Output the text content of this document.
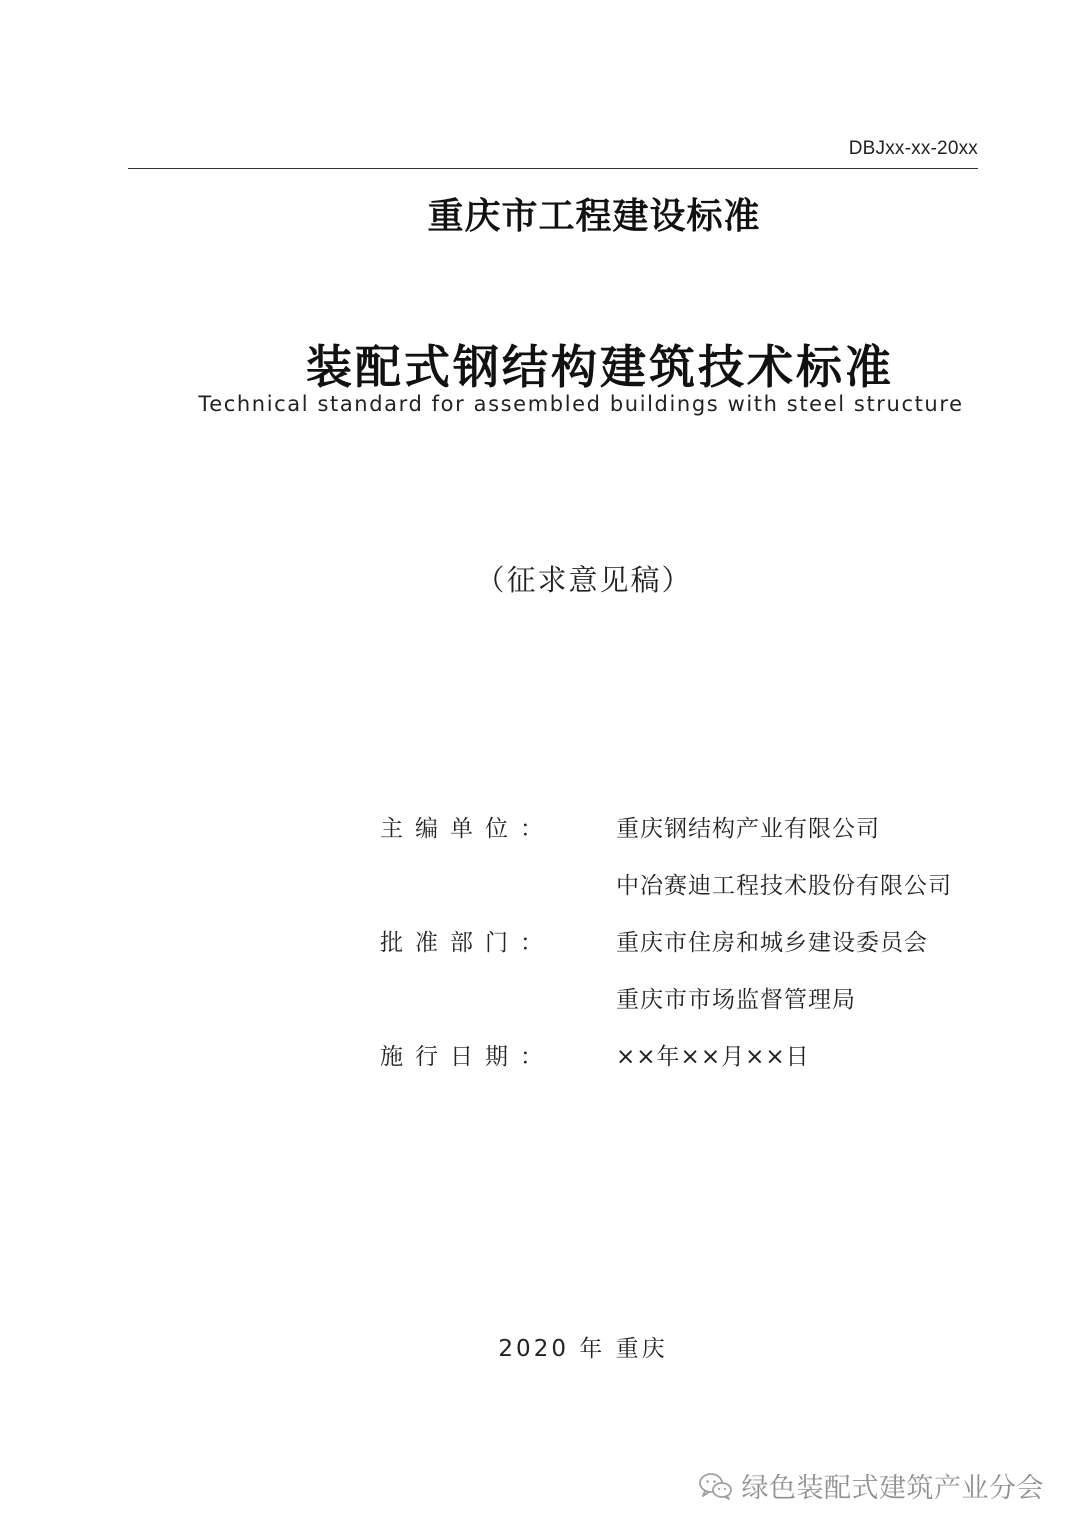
DBJxx-xx-20xx
重庆市工程建设标准
装配式钢结构建筑技术标准
Technical standard for assembled buildings with steel structure
（征求意见稿）
主编单位：	重庆钢结构产业有限公司
中冶赛迪工程技术股份有限公司
批准部门：	重庆市住房和城乡建设委员会
重庆市市场监督管理局
施行日期：	××年××月××日
2020 年 重庆
绿色装配式建筑产业分会
